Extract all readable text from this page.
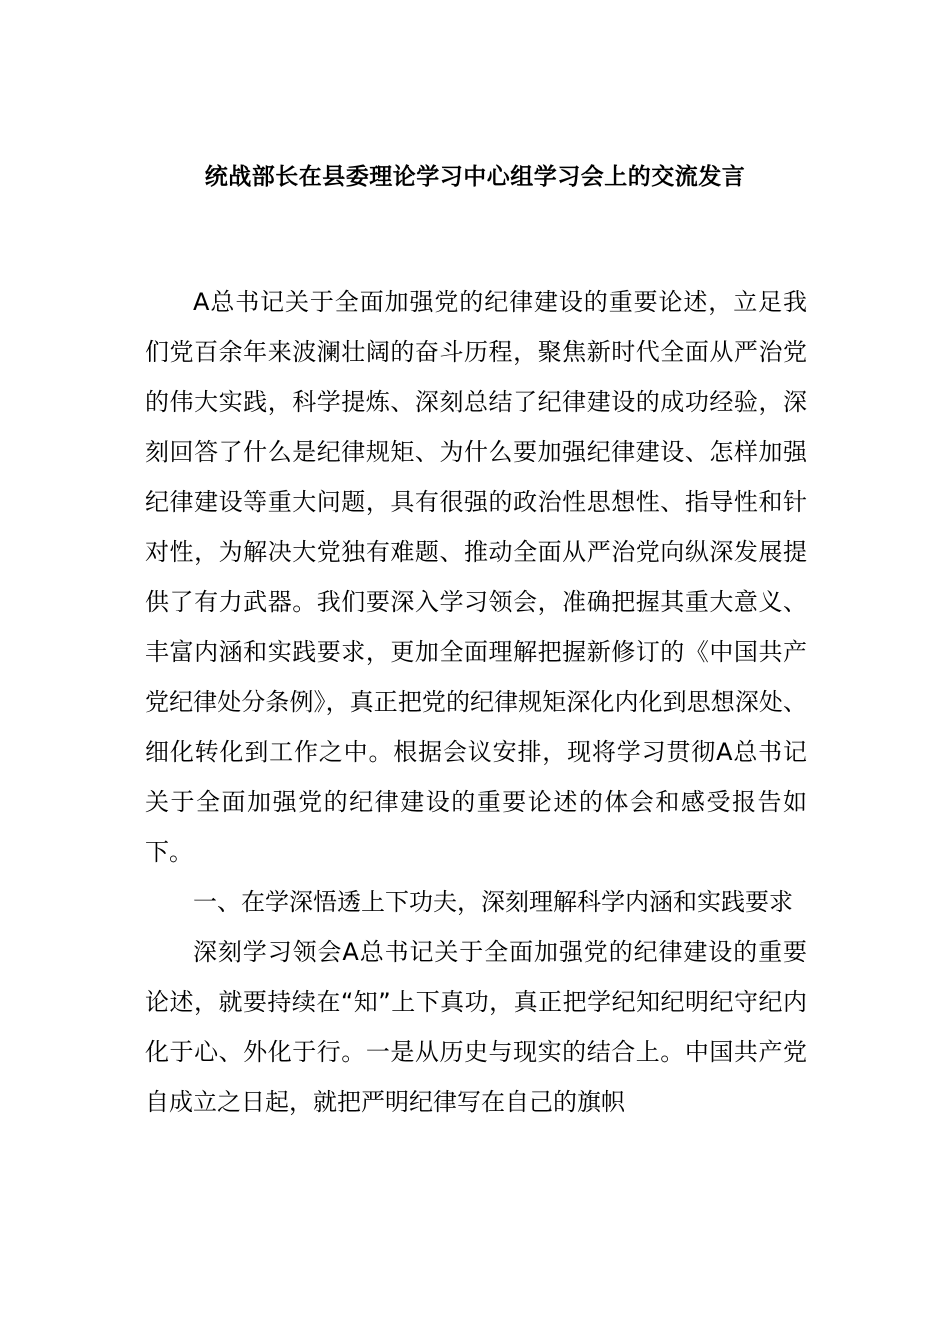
统战部长在县委理论学习中心组学习会上的交流发言

A总书记关于全面加强党的纪律建设的重要论述，立足我们党百余年来波澜壮阔的奋斗历程，聚焦新时代全面从严治党的伟大实践，科学提炼、深刻总结了纪律建设的成功经验，深刻回答了什么是纪律规矩、为什么要加强纪律建设、怎样加强纪律建设等重大问题，具有很强的政治性思想性、指导性和针对性，为解决大党独有难题、推动全面从严治党向纵深发展提供了有力武器。我们要深入学习领会，准确把握其重大意义、丰富内涵和实践要求，更加全面理解把握新修订的《中国共产党纪律处分条例》，真正把党的纪律规矩深化内化到思想深处、细化转化到工作之中。根据会议安排，现将学习贯彻A总书记关于全面加强党的纪律建设的重要论述的体会和感受报告如下。

一、在学深悟透上下功夫，深刻理解科学内涵和实践要求

深刻学习领会A总书记关于全面加强党的纪律建设的重要论述，就要持续在“知”上下真功，真正把学纪知纪明纪守纪内化于心、外化于行。一是从历史与现实的结合上。中国共产党自成立之日起，就把严明纪律写在自己的旗帜
